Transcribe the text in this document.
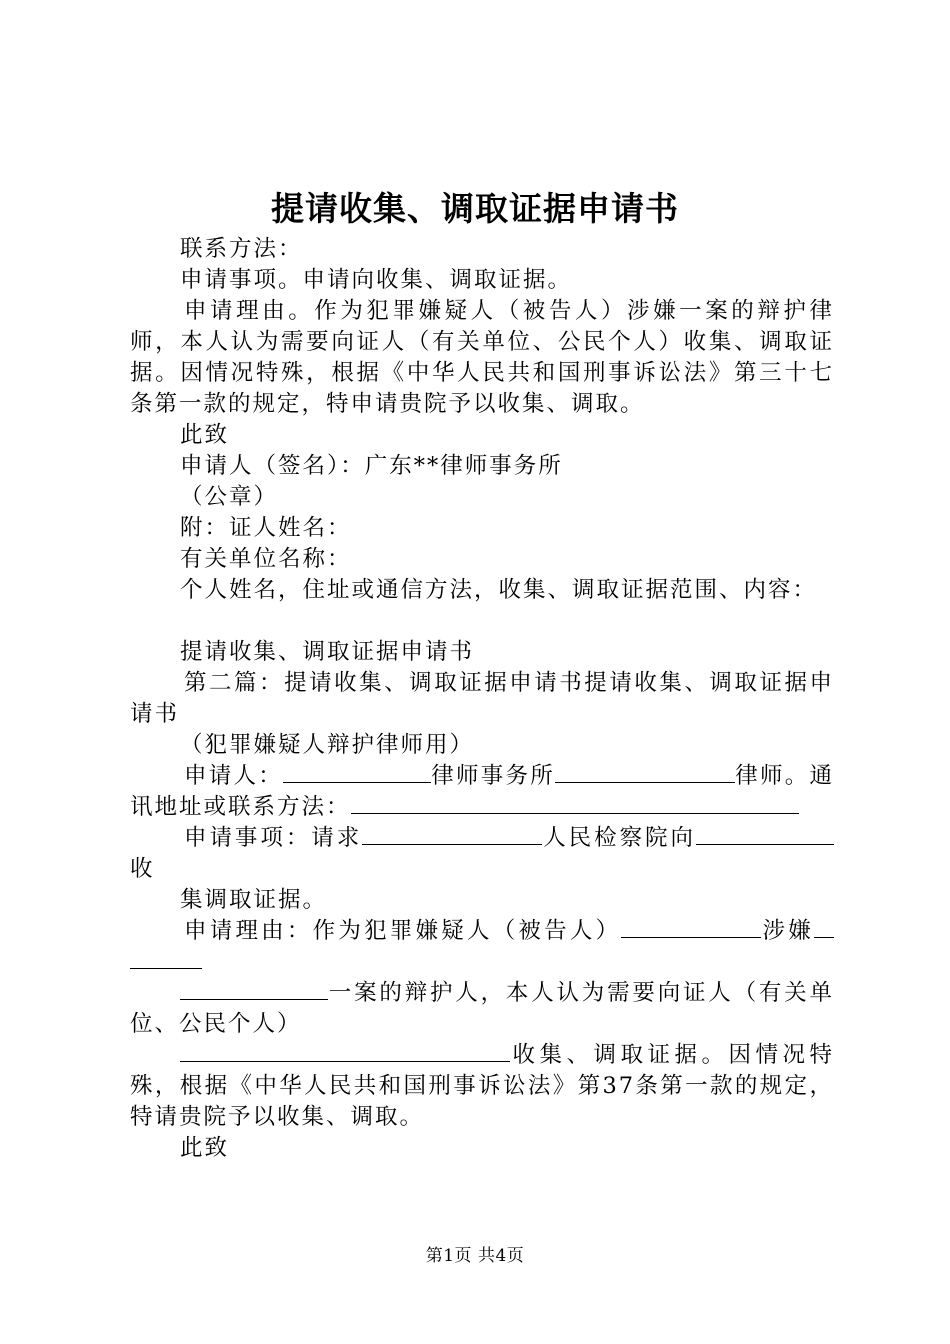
提请收集、调取证据申请书

联系方法：

申请事项。申请向收集、调取证据。

申请理由。作为犯罪嫌疑人（被告人）涉嫌一案的辩护律师，本人认为需要向证人（有关单位、公民个人）收集、调取证据。因情况特殊，根据《中华人民共和国刑事诉讼法》第三十七条第一款的规定，特申请贵院予以收集、调取。

此致

申请人（签名）：广东**律师事务所

（公章）

附：证人姓名：

有关单位名称：

个人姓名，住址或通信方法，收集、调取证据范围、内容：

提请收集、调取证据申请书

第二篇：提请收集、调取证据申请书提请收集、调取证据申请书

（犯罪嫌疑人辩护律师用）

申请人：	律师事务所	律师。通讯地址或联系方法：

申请事项：请求	人民检察院向收

集调取证据。

申请理由：作为犯罪嫌疑人（被告人）	涉嫌

一案的辩护人，本人认为需要向证人（有关单位、公民个人）

收集、调取证据。因情况特殊，根据《中华人民共和国刑事诉讼法》第37条第一款的规定，特请贵院予以收集、调取。

此致

第1页 共4页
